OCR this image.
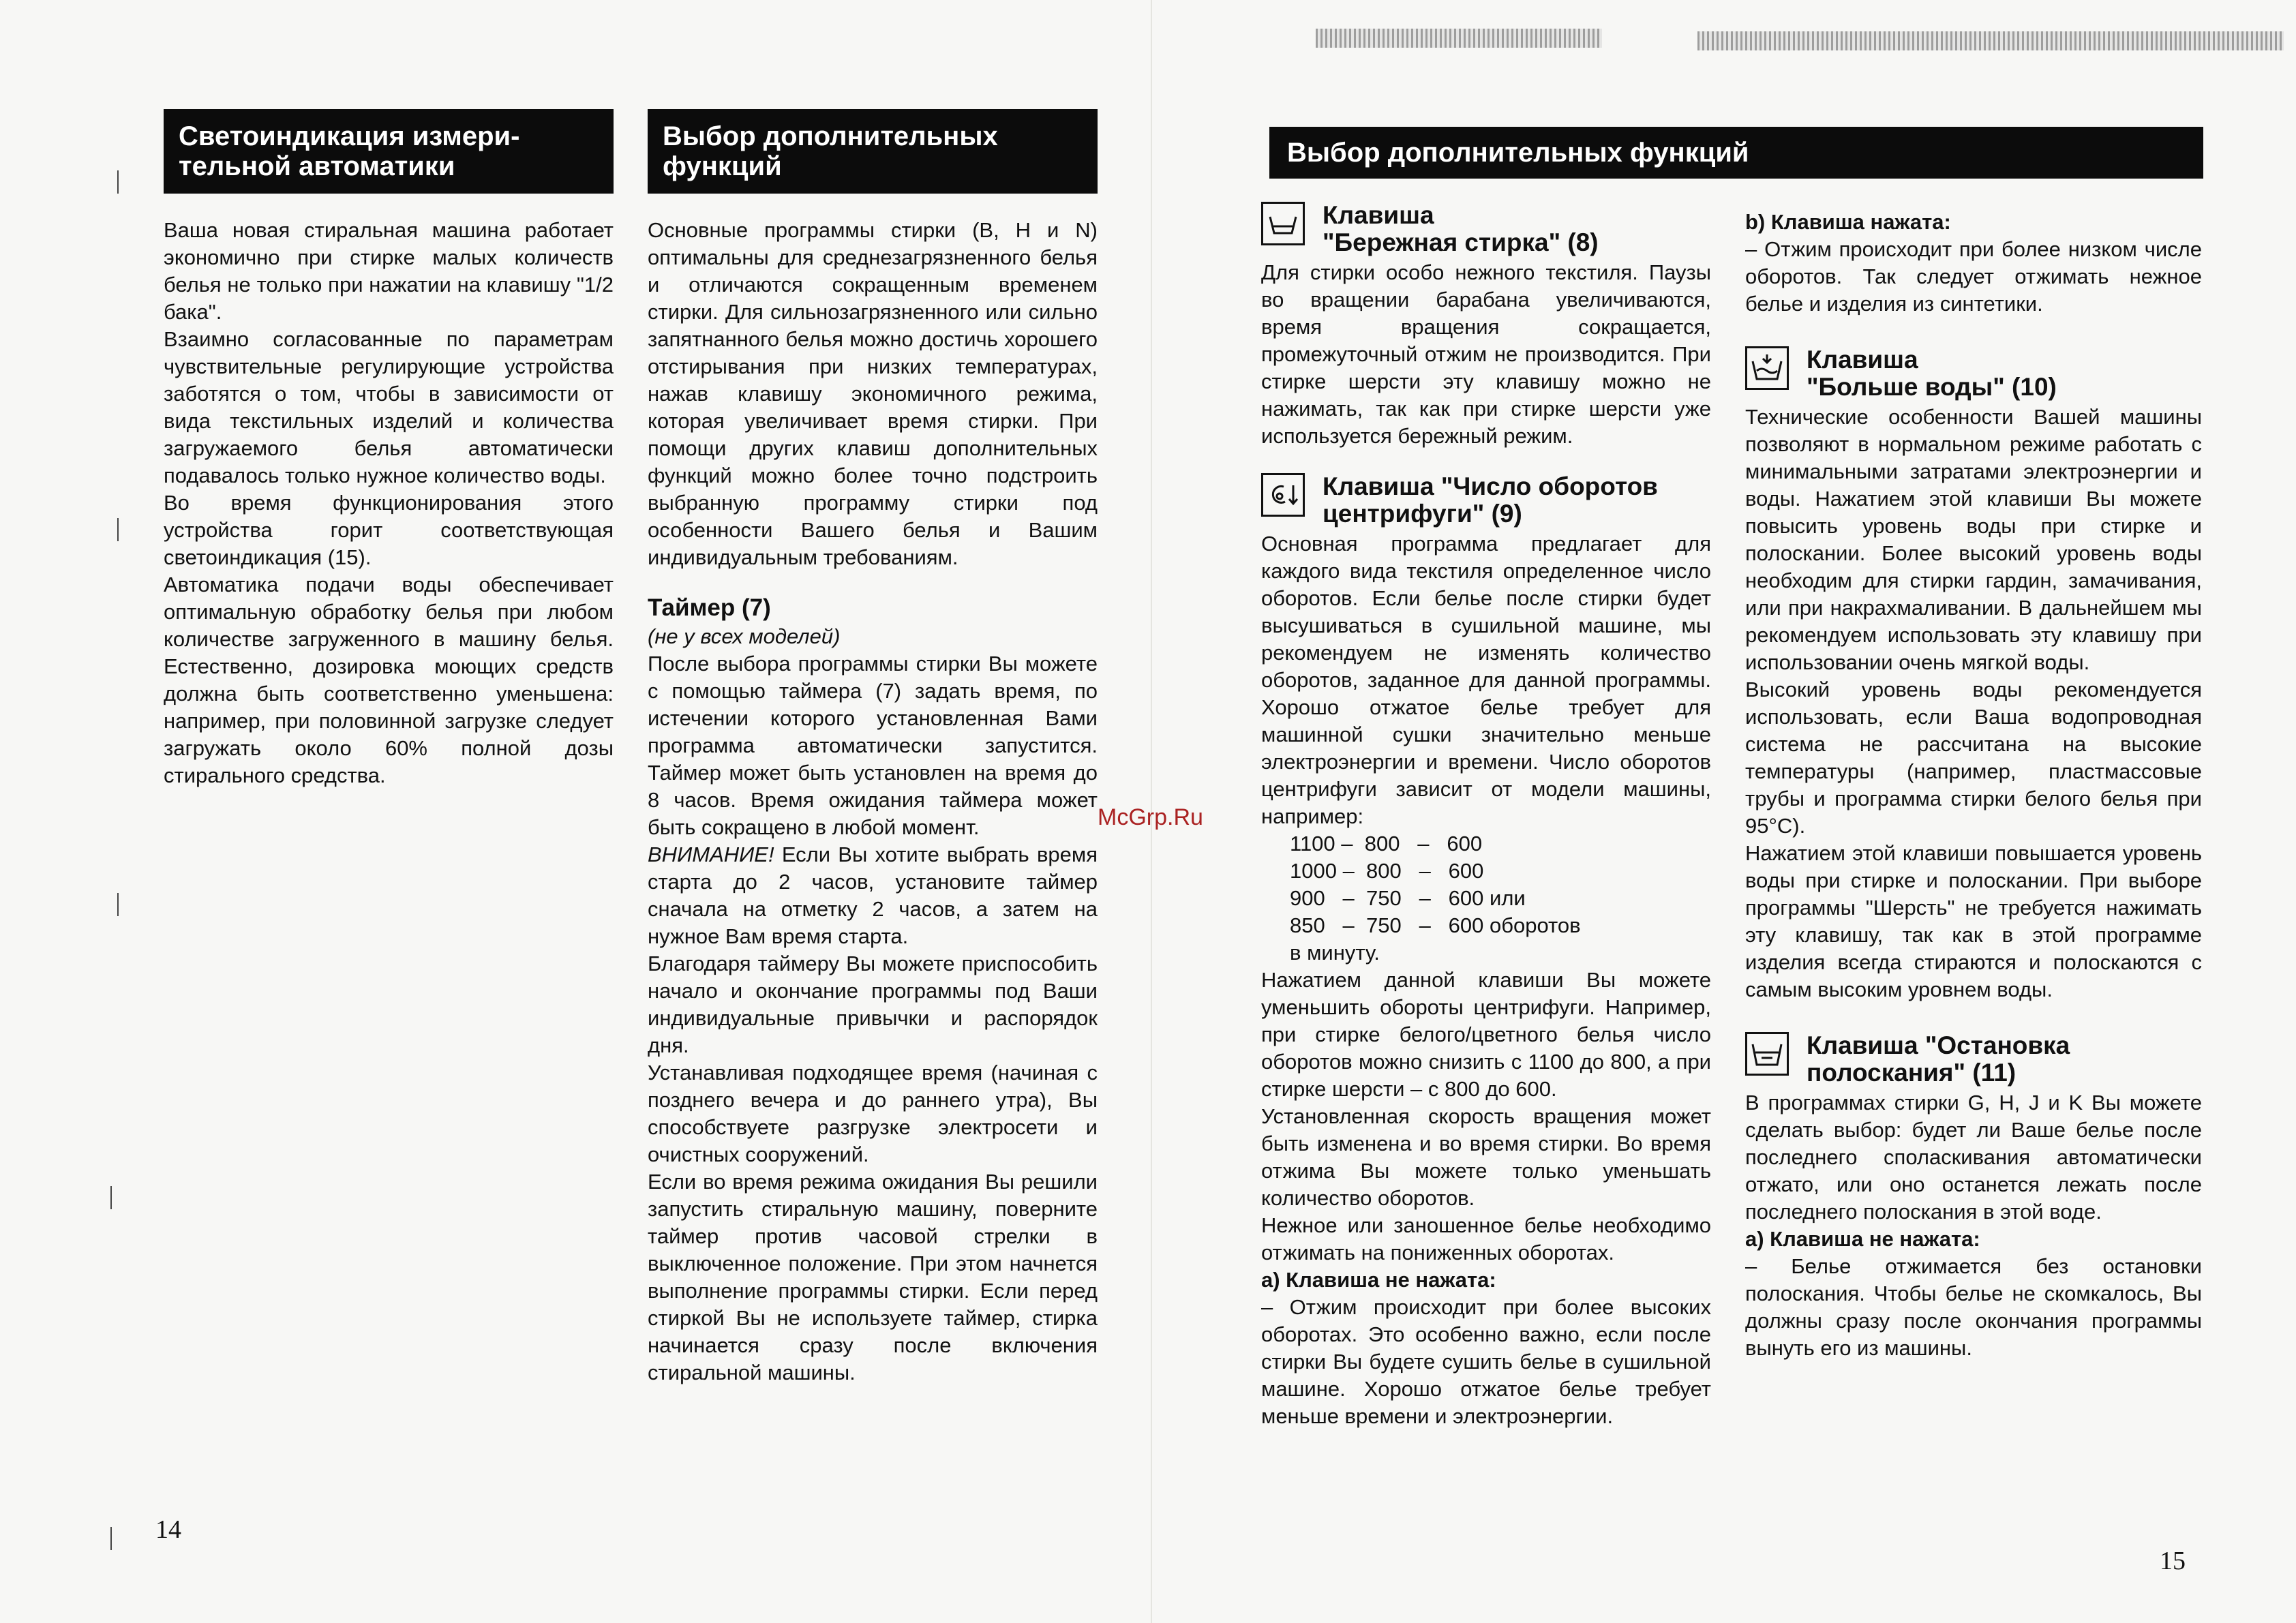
Светоиндикация измери-
тельной автоматики

Ваша новая стиральная машина работает экономично при стирке малых количеств белья не только при нажатии на клавишу "1/2 бака".

Взаимно согласованные по параметрам чувствительные регулирующие устройства заботятся о том, чтобы в зависимости от вида текстильных изделий и количества загружаемого белья автоматически подавалось только нужное количество воды.

Во время функционирования этого устройства горит соответствующая светоиндикация (15).

Автоматика подачи воды обеспечивает оптимальную обработку белья при любом количестве загруженного в машину белья. Естественно, дозировка моющих средств должна быть соответственно уменьшена: например, при половинной загрузке следует загружать около 60% полной дозы стирального средства.

Выбор дополнительных
функций

Основные программы стирки (B, H и N) оптимальны для среднезагрязненного белья и отличаются сокращенным временем стирки. Для сильнозагрязненного или сильно запятнанного белья можно достичь хорошего отстирывания при низких температурах, нажав клавишу экономичного режима, которая увеличивает время стирки. При помощи других клавиш дополнительных функций можно более точно подстроить выбранную программу стирки под особенности Вашего белья и Вашим индивидуальным требованиям.

Таймер (7)

(не у всех моделей)

После выбора программы стирки Вы можете с помощью таймера (7) задать время, по истечении которого установленная Вами программа автоматически запустится. Таймер может быть установлен на время до 8 часов. Время ожидания таймера может быть сокращено в любой момент.

ВНИМАНИЕ! Если Вы хотите выбрать время старта до 2 часов, установите таймер сначала на отметку 2 часов, а затем на нужное Вам время старта.

Благодаря таймеру Вы можете приспособить начало и окончание программы под Ваши индивидуальные привычки и распорядок дня.

Устанавливая подходящее время (начиная с позднего вечера и до раннего утра), Вы способствуете разгрузке электросети и очистных сооружений.

Если во время режима ожидания Вы решили запустить стиральную машину, поверните таймер против часовой стрелки в выключенное положение. При этом начнется выполнение программы стирки. Если перед стиркой Вы не используете таймер, стирка начинается сразу после включения стиральной машины.

14
McGrp.Ru
Выбор дополнительных функций
Клавиша
"Бережная стирка" (8)
Для стирки особо нежного текстиля. Паузы во вращении барабана увеличиваются, время вращения сокращается, промежуточный отжим не производится. При стирке шерсти эту клавишу можно не нажимать, так как при стирке шерсти уже используется бережный режим.
Клавиша "Число оборотов
центрифуги" (9)
Основная программа предлагает для каждого вида текстиля определенное число оборотов. Если белье после стирки будет высушиваться в сушильной машине, мы рекомендуем не изменять количество оборотов, заданное для данной программы. Хорошо отжатое белье требует для машинной сушки значительно меньше электроэнергии и времени. Число оборотов центрифуги зависит от модели машины, например:
1100 –  800   –   600
1000 –  800   –   600
900   –  750   –   600 или
850   –  750   –   600 оборотов
в минуту.

Нажатием данной клавиши Вы можете уменьшить обороты центрифуги. Например, при стирке белого/цветного белья число оборотов можно снизить с 1100 до 800, а при стирке шерсти – с 800 до 600.

Установленная скорость вращения может быть изменена и во время стирки. Во время отжима Вы можете только уменьшать количество оборотов.

Нежное или заношенное белье необходимо отжимать на пониженных оборотах.

а) Клавиша не нажата:

– Отжим происходит при более высоких оборотах. Это особенно важно, если после стирки Вы будете сушить белье в сушильной машине. Хорошо отжатое белье требует меньше времени и электроэнергии.

b) Клавиша нажата:

– Отжим происходит при более низком числе оборотов. Так следует отжимать нежное белье и изделия из синтетики.

Клавиша
"Больше воды" (10)

Технические особенности Вашей машины позволяют в нормальном режиме работать с минимальными затратами электроэнергии и воды. Нажатием этой клавиши Вы можете повысить уровень воды при стирке и полоскании. Более высокий уровень воды необходим для стирки гардин, замачивания, или при накрахмаливании. В дальнейшем мы рекомендуем использовать эту клавишу при использовании очень мягкой воды.

Высокий уровень воды рекомендуется использовать, если Ваша водопроводная система не рассчитана на высокие температуры (например, пластмассовые трубы и программа стирки белого белья при 95°С).

Нажатием этой клавиши повышается уровень воды при стирке и полоскании. При выборе программы "Шерсть" не требуется нажимать эту клавишу, так как в этой программе изделия всегда стираются и полоскаются с самым высоким уровнем воды.

Клавиша "Остановка
полоскания" (11)

В программах стирки G, H, J и K Вы можете сделать выбор: будет ли Ваше белье после последнего споласкивания автоматически отжато, или оно останется лежать после последнего полоскания в этой воде.

а) Клавиша не нажата:

– Белье отжимается без остановки полоскания. Чтобы белье не скомкалось, Вы должны сразу после окончания программы вынуть его из машины.

15
